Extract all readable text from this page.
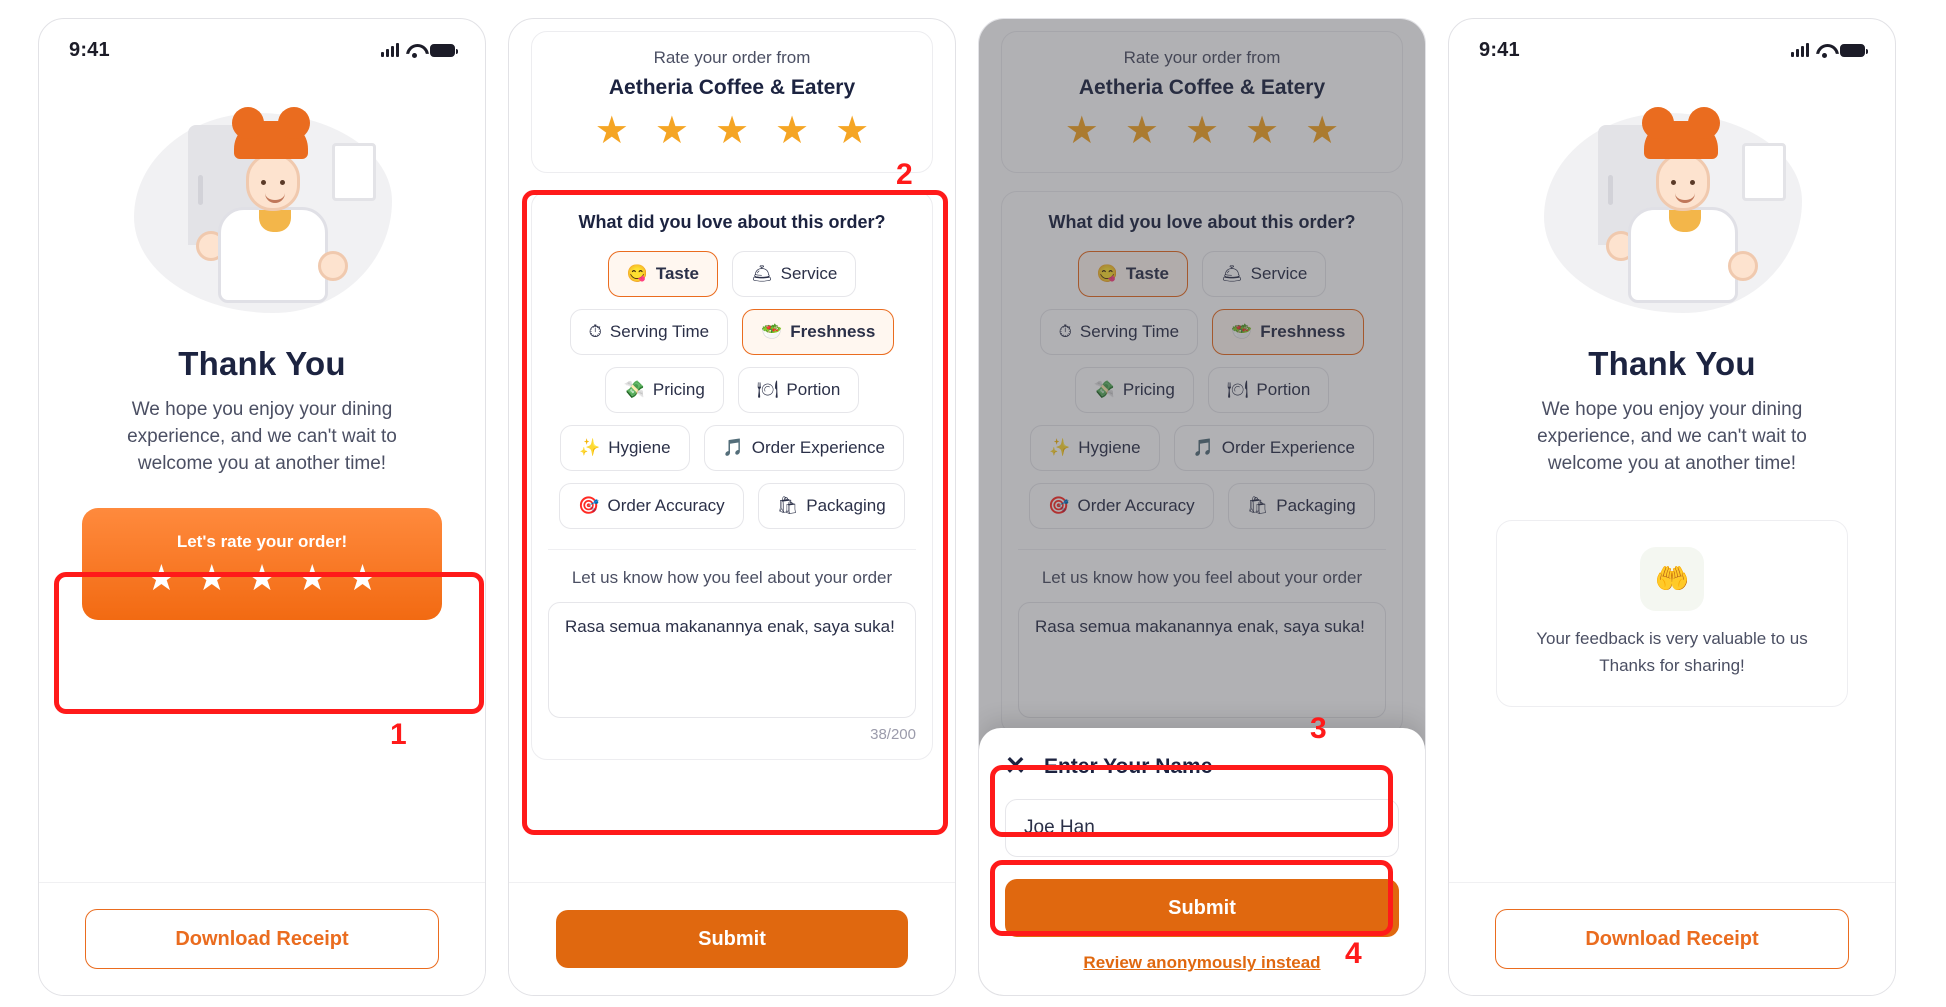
9:41
Thank You
We hope you enjoy your dining experience, and we can't wait to welcome you at another time!
Let's rate your order!
★ ★ ★ ★ ★
Download Receipt
Rate your order from
Aetheria Coffee & Eatery
★ ★ ★ ★ ★
What did you love about this order?
😋 Taste	🛎 Service
⏱ Serving Time	🥗 Freshness
💸 Pricing	🍽 Portion
✨ Hygiene	🎵 Order Experience
🎯 Order Accuracy	🛍 Packaging
Let us know how you feel about your order
Rasa semua makanannya enak, saya suka!
38/200
Submit
Rate your order from
Aetheria Coffee & Eatery
★ ★ ★ ★ ★
What did you love about this order?
😋 Taste	🛎 Service
⏱ Serving Time	🥗 Freshness
💸 Pricing	🍽 Portion
✨ Hygiene	🎵 Order Experience
🎯 Order Accuracy	🛍 Packaging
Let us know how you feel about your order
Rasa semua makanannya enak, saya suka!
✕ Enter Your Name
Joe Han
Submit
Review anonymously instead
9:41
Thank You
We hope you enjoy your dining experience, and we can't wait to welcome you at another time!
🤲
Your feedback is very valuable to us
Thanks for sharing!
Download Receipt
1
2
3
4
